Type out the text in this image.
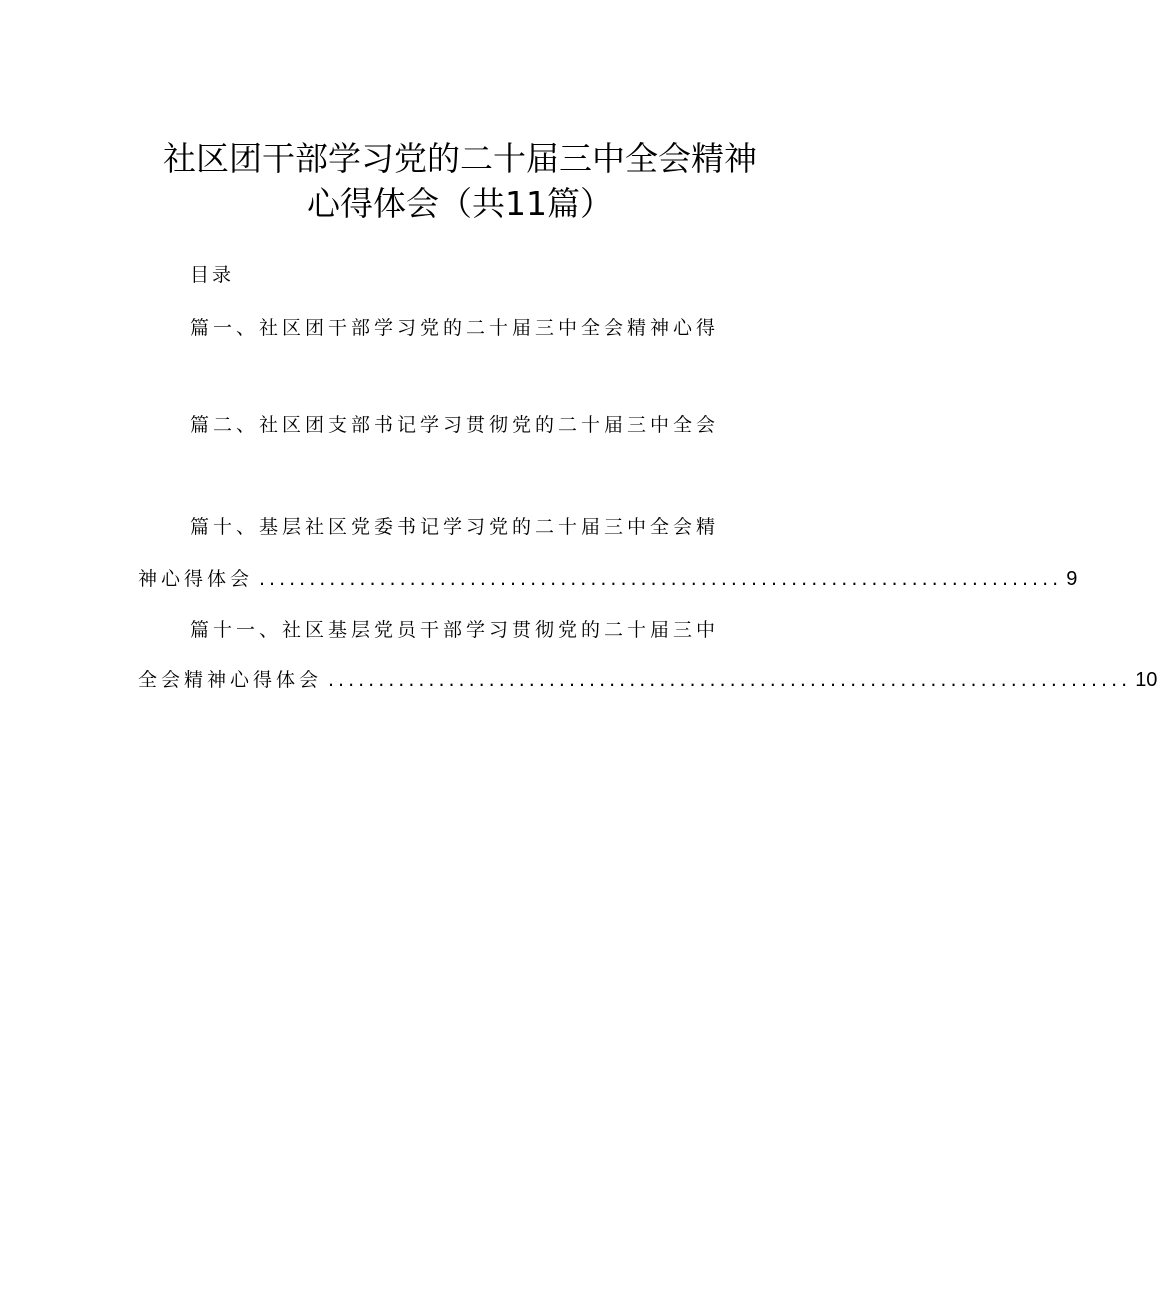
社区团干部学习党的二十届三中全会精神
心得体会（共11篇）
目录
篇一、社区团干部学习党的二十届三中全会精神心得
篇二、社区团支部书记学习贯彻党的二十届三中全会
篇十、基层社区党委书记学习党的二十届三中全会精
神心得体会 ................................................................................ 9
篇十一、社区基层党员干部学习贯彻党的二十届三中
全会精神心得体会 ................................................................................ 10
